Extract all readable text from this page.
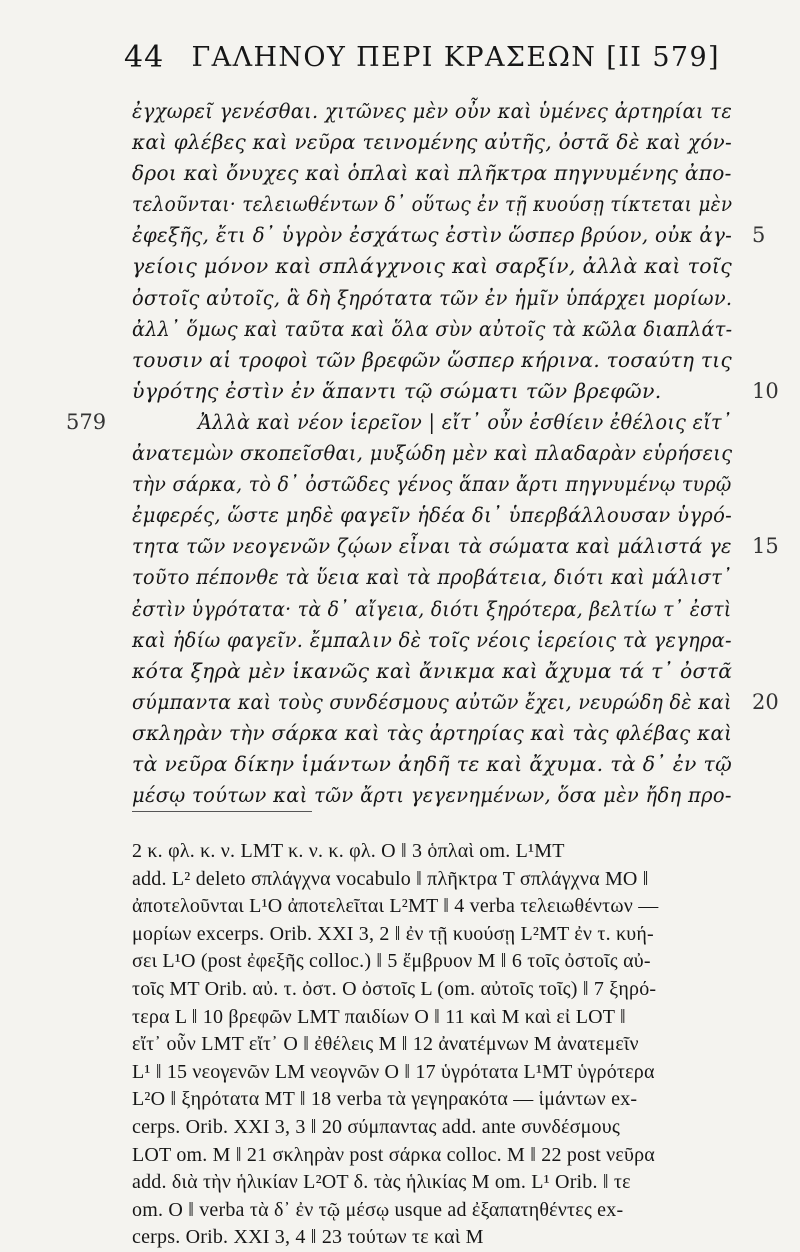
44 ΓΑΛΗΝΟΥ ΠΕΡΙ ΚΡΑΣΕΩΝ [II 579]
ἐγχωρεῖ γενέσθαι. χιτῶνες μὲν οὖν καὶ ὑμένες ἀρτηρίαι τε
καὶ φλέβες καὶ νεῦρα τεινομένης αὐτῆς, ὀστᾶ δὲ καὶ χόν-
δροι καὶ ὄνυχες καὶ ὁπλαὶ καὶ πλῆκτρα πηγνυμένης ἀπο-
τελοῦνται· τελειωθέντων δ᾽ οὕτως ἐν τῇ κυούσῃ τίκτεται μὲν
ἐφεξῆς, ἔτι δ᾽ ὑγρὸν ἐσχάτως ἐστὶν ὥσπερ βρύον, οὐκ ἀγ- 5
γείοις μόνον καὶ σπλάγχνοις καὶ σαρξίν, ἀλλὰ καὶ τοῖς
ὀστοῖς αὐτοῖς, ἃ δὴ ξηρότατα τῶν ἐν ἡμῖν ὑπάρχει μορίων.
ἀλλ᾽ ὅμως καὶ ταῦτα καὶ ὅλα σὺν αὐτοῖς τὰ κῶλα διαπλάτ-
τουσιν αἱ τροφοὶ τῶν βρεφῶν ὥσπερ κήρινα. τοσαύτη τις
ὑγρότης ἐστὶν ἐν ἅπαντι τῷ σώματι τῶν βρεφῶν.	10
579	Ἀλλὰ καὶ νέον ἱερεῖον | εἴτ᾽ οὖν ἐσθίειν ἐθέλοις εἴτ᾽
ἀνατεμὼν σκοπεῖσθαι, μυξώδη μὲν καὶ πλαδαρὰν εὑρήσεις
τὴν σάρκα, τὸ δ᾽ ὀστῶδες γένος ἅπαν ἄρτι πηγνυμένῳ τυρῷ
ἐμφερές, ὥστε μηδὲ φαγεῖν ἡδέα δι᾽ ὑπερβάλλουσαν ὑγρό-
τητα τῶν νεογενῶν ζῴων εἶναι τὰ σώματα καὶ μάλιστά γε 15
τοῦτο πέπονθε τὰ ὕεια καὶ τὰ προβάτεια, διότι καὶ μάλιστ᾽
ἐστὶν ὑγρότατα· τὰ δ᾽ αἴγεια, διότι ξηρότερα, βελτίω τ᾽ ἐστὶ
καὶ ἡδίω φαγεῖν. ἔμπαλιν δὲ τοῖς νέοις ἱερείοις τὰ γεγηρα-
κότα ξηρὰ μὲν ἱκανῶς καὶ ἄνικμα καὶ ἄχυμα τά τ᾽ ὀστᾶ
σύμπαντα καὶ τοὺς συνδέσμους αὐτῶν ἔχει, νευρώδη δὲ καὶ 20
σκληρὰν τὴν σάρκα καὶ τὰς ἀρτηρίας καὶ τὰς φλέβας καὶ
τὰ νεῦρα δίκην ἱμάντων ἀηδῆ τε καὶ ἄχυμα. τὰ δ᾽ ἐν τῷ
μέσῳ τούτων καὶ τῶν ἄρτι γεγενημένων, ὅσα μὲν ἤδη προ-
2 κ. φλ. κ. ν. LMT κ. ν. κ. φλ. O ‖ 3 ὁπλαὶ om. L¹MT
add. L² deleto σπλάγχνα vocabulo ‖ πλῆκτρα T σπλάγχνα MO ‖
ἀποτελοῦνται L¹O ἀποτελεῖται L²MT ‖ 4 verba τελειωθέντων —
μορίων excerps. Orib. XXI 3, 2 ‖ ἐν τῇ κυούσῃ L²MT ἐν τ. κυή-
σει L¹O (post ἐφεξῆς colloc.) ‖ 5 ἔμβρυον M ‖ 6 τοῖς ὀστοῖς αὐ-
τοῖς MT Orib. αὐ. τ. ὀστ. O ὀστοῖς L (om. αὐτοῖς τοῖς) ‖ 7 ξηρό-
τερα L ‖ 10 βρεφῶν LMT παιδίων O ‖ 11 καὶ M καὶ εἰ LOT ‖
εἴτ᾽ οὖν LMT εἴτ᾽ O ‖ ἐθέλεις M ‖ 12 ἀνατέμνων M ἀνατεμεῖν
L¹ ‖ 15 νεογενῶν LM νεογνῶν O ‖ 17 ὑγρότατα L¹MT ὑγρότερα
L²O ‖ ξηρότατα MT ‖ 18 verba τὰ γεγηρακότα — ἱμάντων ex-
cerps. Orib. XXI 3, 3 ‖ 20 σύμπαντας add. ante συνδέσμους
LOT om. M ‖ 21 σκληρὰν post σάρκα colloc. M ‖ 22 post νεῦρα
add. διὰ τὴν ἡλικίαν L²OT δ. τὰς ἡλικίας M om. L¹ Orib. ‖ τε
om. O ‖ verba τὰ δ᾽ ἐν τῷ μέσῳ usque ad ἐξαπατηθέντες ex-
cerps. Orib. XXI 3, 4 ‖ 23 τούτων τε καὶ M
